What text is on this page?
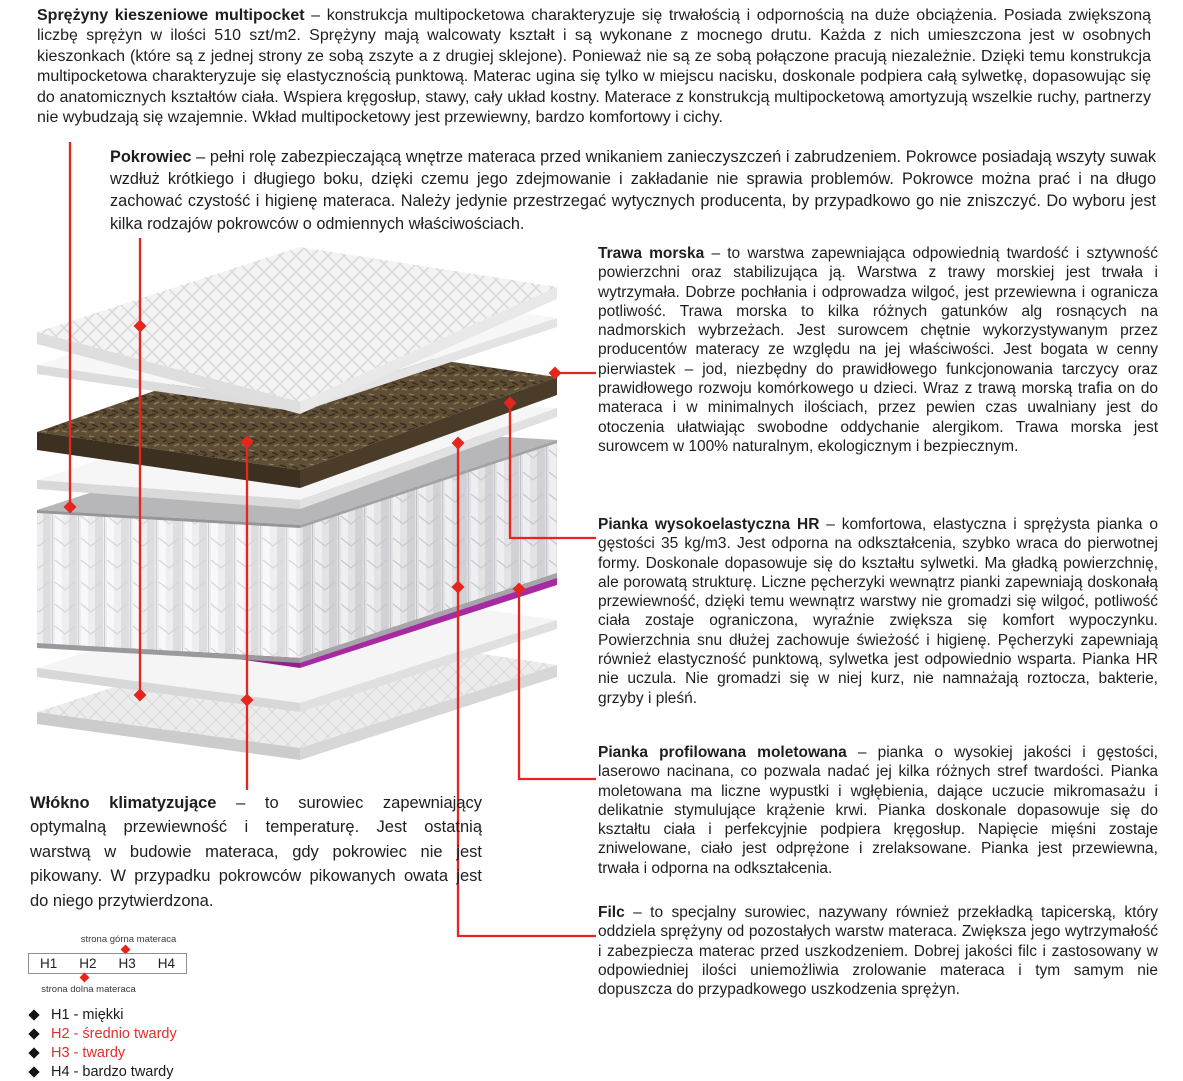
Sprężyny kieszeniowe multipocket – konstrukcja multipocketowa charakteryzuje się trwałością i odpornością na duże obciążenia. Posiada zwiększoną liczbę sprężyn w ilości 510 szt/m2. Sprężyny mają walcowaty kształt i są wykonane z mocnego drutu. Każda z nich umieszczona jest w osobnych kieszonkach (które są z jednej strony ze sobą zszyte a z drugiej sklejone). Ponieważ nie są ze sobą połączone pracują niezależnie. Dzięki temu konstrukcja multipocketowa charakteryzuje się elastycznością punktową. Materac ugina się tylko w miejscu nacisku, doskonale podpiera całą sylwetkę, dopasowując się do anatomicznych kształtów ciała. Wspiera kręgosłup, stawy, cały układ kostny. Materace z konstrukcją multipocketową amortyzują wszelkie ruchy, partnerzy nie wybudzają się wzajemnie. Wkład multipocketowy jest przewiewny, bardzo komfortowy i cichy.

Pokrowiec – pełni rolę zabezpieczającą wnętrze materaca przed wnikaniem zanieczyszczeń i zabrudzeniem. Pokrowce posiadają wszyty suwak wzdłuż krótkiego i długiego boku, dzięki czemu jego zdejmowanie i zakładanie nie sprawia problemów. Pokrowce można prać i na długo zachować czystość i higienę materaca. Należy jedynie przestrzegać wytycznych producenta, by przypadkowo go nie zniszczyć. Do wyboru jest kilka rodzajów pokrowców o odmiennych właściwościach.

Trawa morska – to warstwa zapewniająca odpowiednią twardość i sztywność powierzchni oraz stabilizująca ją. Warstwa z trawy morskiej jest trwała i wytrzymała. Dobrze pochłania i odprowadza wilgoć, jest przewiewna i ogranicza potliwość. Trawa morska to kilka różnych gatunków alg rosnących na nadmorskich wybrzeżach. Jest surowcem chętnie wykorzystywanym przez producentów materacy ze względu na jej właściwości. Jest bogata w cenny pierwiastek – jod, niezbędny do prawidłowego funkcjonowania tarczycy oraz prawidłowego rozwoju komórkowego u dzieci. Wraz z trawą morską trafia on do materaca i w minimalnych ilościach, przez pewien czas uwalniany jest do otoczenia ułatwiając swobodne oddychanie alergikom. Trawa morska jest surowcem w 100% naturalnym, ekologicznym i bezpiecznym.

Pianka wysokoelastyczna HR – komfortowa, elastyczna i sprężysta pianka o gęstości 35 kg/m3. Jest odporna na odkształcenia, szybko wraca do pierwotnej formy. Doskonale dopasowuje się do kształtu sylwetki. Ma gładką powierzchnię, ale porowatą strukturę. Liczne pęcherzyki wewnątrz pianki zapewniają doskonałą przewiewność, dzięki temu wewnątrz warstwy nie gromadzi się wilgoć, potliwość ciała zostaje ograniczona, wyraźnie zwiększa się komfort wypoczynku. Powierzchnia snu dłużej zachowuje świeżość i higienę. Pęcherzyki zapewniają również elastyczność punktową, sylwetka jest odpowiednio wsparta. Pianka HR nie uczula. Nie gromadzi się w niej kurz, nie namnażają roztocza, bakterie, grzyby i pleśń.

Pianka profilowana moletowana – pianka o wysokiej jakości i gęstości, laserowo nacinana, co pozwala nadać jej kilka różnych stref twardości. Pianka moletowana ma liczne wypustki i wgłębienia, dające uczucie mikromasażu i delikatnie stymulujące krążenie krwi. Pianka doskonale dopasowuje się do kształtu ciała i perfekcyjnie podpiera kręgosłup. Napięcie mięśni zostaje zniwelowane, ciało jest odprężone i zrelaksowane. Pianka jest przewiewna, trwała i odporna na odkształcenia.

Filc – to specjalny surowiec, nazywany również przekładką tapicerską, który oddziela sprężyny od pozostałych warstw materaca. Zwiększa jego wytrzymałość i zabezpiecza materac przed uszkodzeniem. Dobrej jakości filc i zastosowany w odpowiedniej ilości uniemożliwia zrolowanie materaca i tym samym nie dopuszcza do przypadkowego uszkodzenia sprężyn.

Włókno klimatyzujące – to surowiec zapewniający optymalną przewiewność i temperaturę. Jest ostatnią warstwą w budowie materaca, gdy pokrowiec nie jest pikowany. W przypadku pokrowców pikowanych owata jest do niego przytwierdzona.

strona górna materaca
H1	H2	H3	H4
strona dolna materaca
H1 - miękki
H2 - średnio twardy
H3 - twardy
H4 - bardzo twardy
